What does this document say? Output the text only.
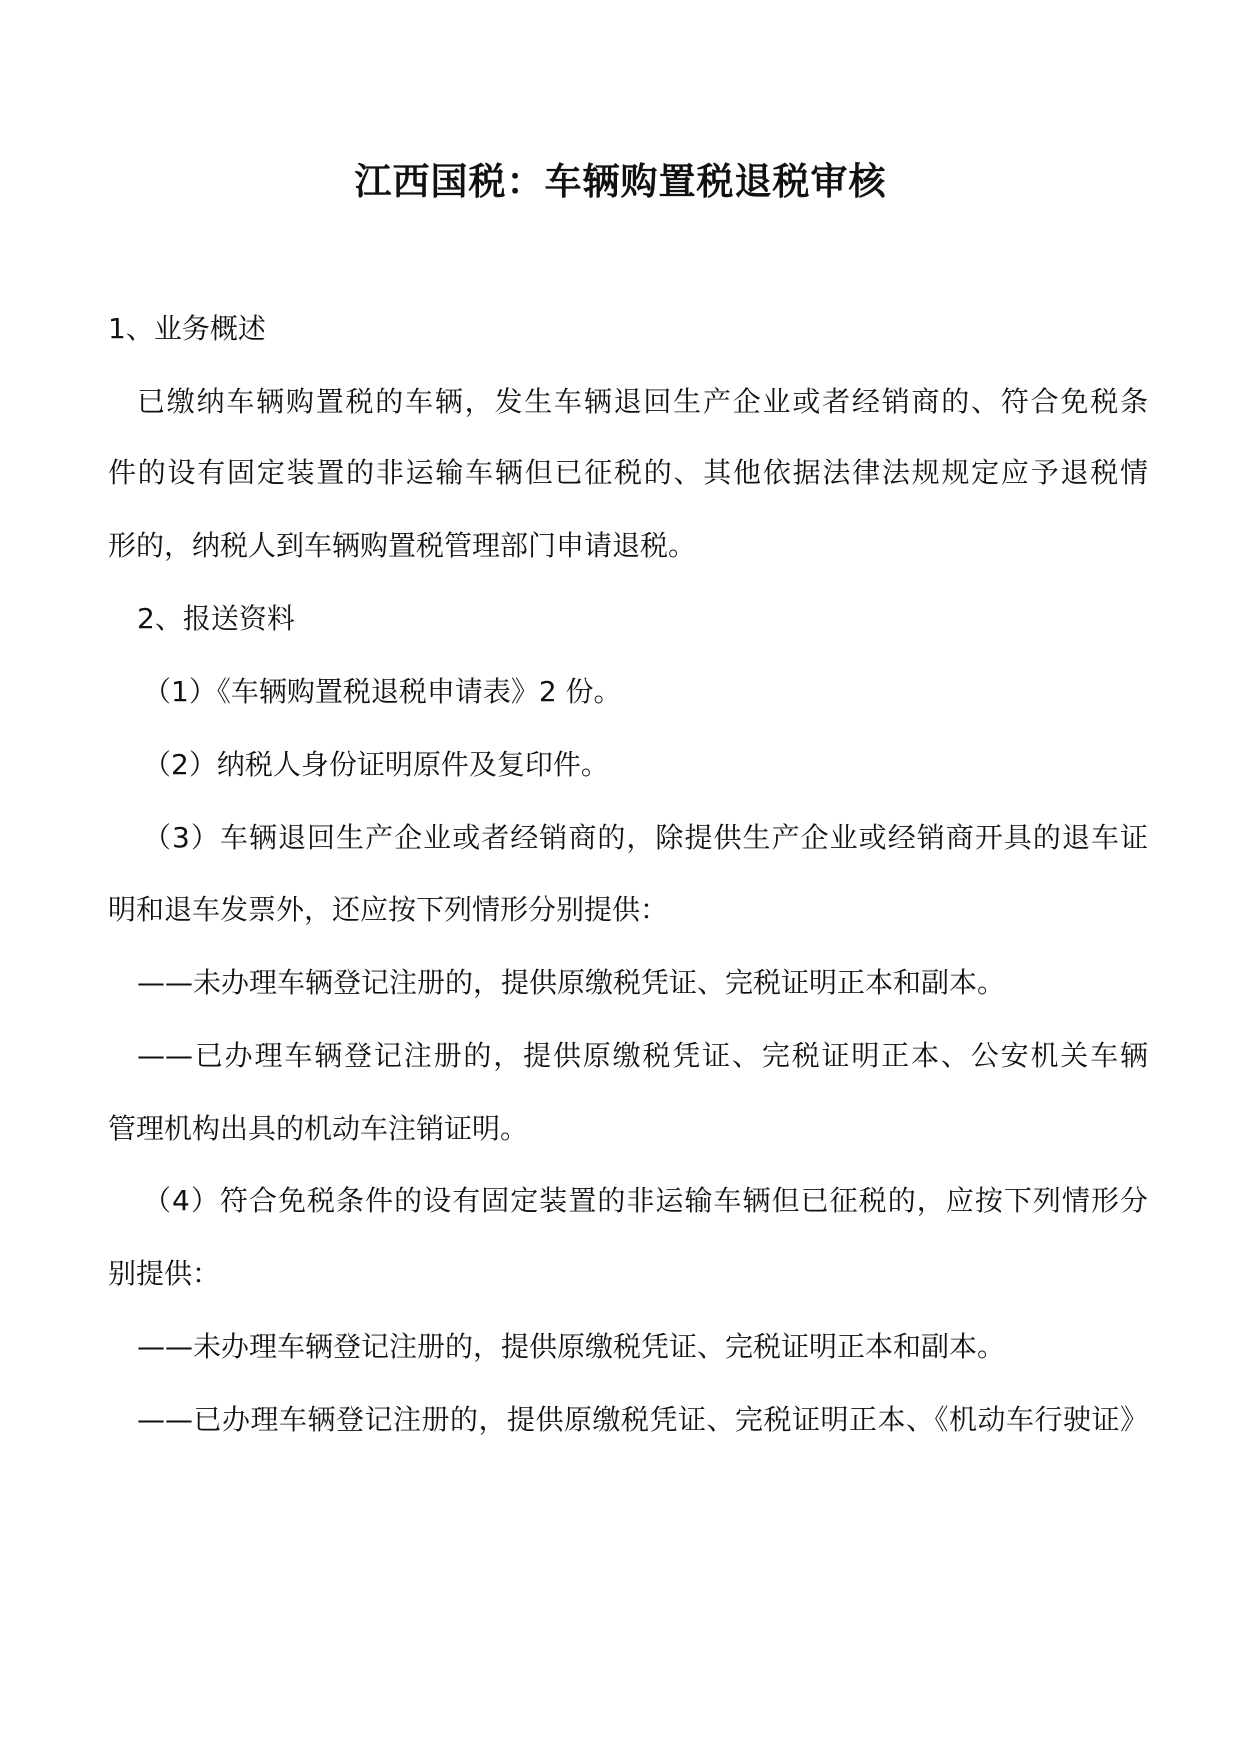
江西国税：车辆购置税退税审核

1、业务概述

已缴纳车辆购置税的车辆，发生车辆退回生产企业或者经销商的、符合免税条

件的设有固定装置的非运输车辆但已征税的、其他依据法律法规规定应予退税情

形的，纳税人到车辆购置税管理部门申请退税。

2、报送资料

（1）《车辆购置税退税申请表》2 份。

（2）纳税人身份证明原件及复印件。

（3）车辆退回生产企业或者经销商的，除提供生产企业或经销商开具的退车证

明和退车发票外，还应按下列情形分别提供：

——未办理车辆登记注册的，提供原缴税凭证、完税证明正本和副本。

——已办理车辆登记注册的，提供原缴税凭证、完税证明正本、公安机关车辆

管理机构出具的机动车注销证明。

（4）符合免税条件的设有固定装置的非运输车辆但已征税的，应按下列情形分

别提供：

——未办理车辆登记注册的，提供原缴税凭证、完税证明正本和副本。

——已办理车辆登记注册的，提供原缴税凭证、完税证明正本、《机动车行驶证》
